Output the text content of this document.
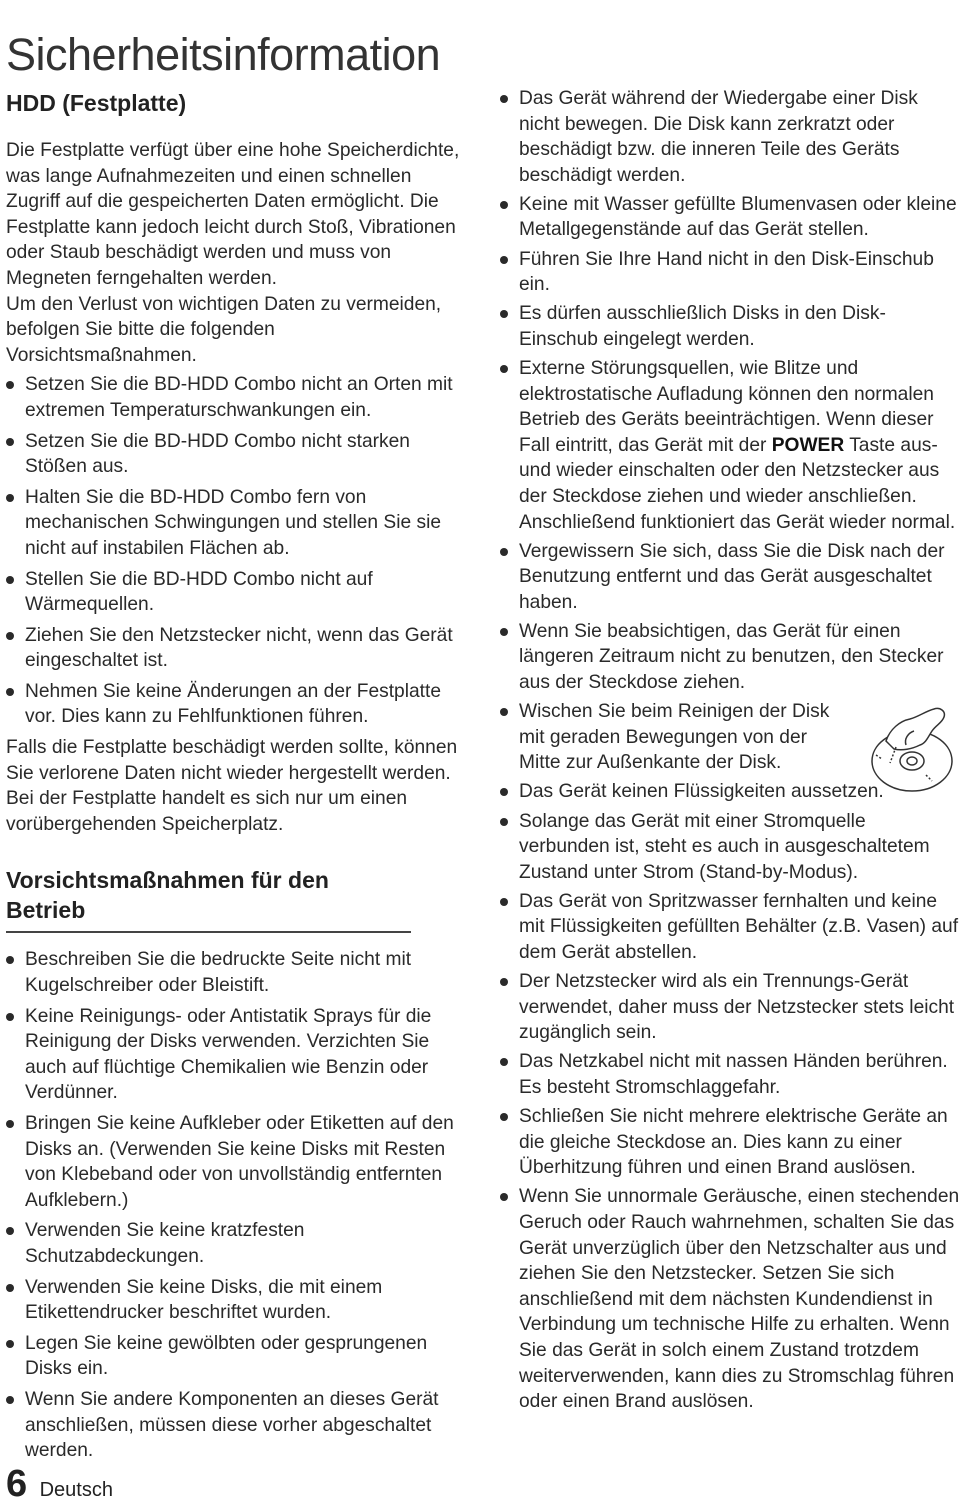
Sicherheitsinformation
HDD (Festplatte)

Die Festplatte verfügt über eine hohe Speicherdichte, was lange Aufnahmezeiten und einen schnellen Zugriff auf die gespeicherten Daten ermöglicht. Die Festplatte kann jedoch leicht durch Stoß, Vibrationen oder Staub beschädigt werden und muss von Megneten ferngehalten werden.

Um den Verlust von wichtigen Daten zu vermeiden, befolgen Sie bitte die folgenden Vorsichtsmaßnahmen.

Setzen Sie die BD-HDD Combo nicht an Orten mit extremen Temperaturschwankungen ein.
Setzen Sie die BD-HDD Combo nicht starken Stößen aus.
Halten Sie die BD-HDD Combo fern von mechanischen Schwingungen und stellen Sie sie nicht auf instabilen Flächen ab.
Stellen Sie die BD-HDD Combo nicht auf Wärmequellen.
Ziehen Sie den Netzstecker nicht, wenn das Gerät eingeschaltet ist.
Nehmen Sie keine Änderungen an der Festplatte vor. Dies kann zu Fehlfunktionen führen.

Falls die Festplatte beschädigt werden sollte, können Sie verlorene Daten nicht wieder hergestellt werden. Bei der Festplatte handelt es sich nur um einen vorübergehenden Speicherplatz.

Vorsichtsmaßnahmen für den Betrieb
Beschreiben Sie die bedruckte Seite nicht mit Kugelschreiber oder Bleistift.
Keine Reinigungs- oder Antistatik Sprays für die Reinigung der Disks verwenden. Verzichten Sie auch auf flüchtige Chemikalien wie Benzin oder Verdünner.
Bringen Sie keine Aufkleber oder Etiketten auf den Disks an. (Verwenden Sie keine Disks mit Resten von Klebeband oder von unvollständig entfernten Aufklebern.)
Verwenden Sie keine kratzfesten Schutzabdeckungen.
Verwenden Sie keine Disks, die mit einem Etikettendrucker beschriftet wurden.
Legen Sie keine gewölbten oder gesprungenen Disks ein.
Wenn Sie andere Komponenten an dieses Gerät anschließen, müssen diese vorher abgeschaltet werden.
Das Gerät während der Wiedergabe einer Disk nicht bewegen. Die Disk kann zerkratzt oder beschädigt bzw. die inneren Teile des Geräts beschädigt werden.
Keine mit Wasser gefüllte Blumenvasen oder kleine Metallgegenstände auf das Gerät stellen.
Führen Sie Ihre Hand nicht in den Disk-Einschub ein.
Es dürfen ausschließlich Disks in den Disk-Einschub eingelegt werden.
Externe Störungsquellen, wie Blitze und elektrostatische Aufladung können den normalen Betrieb des Geräts beeinträchtigen. Wenn dieser Fall eintritt, das Gerät mit der POWER Taste aus- und wieder einschalten oder den Netzstecker aus der Steckdose ziehen und wieder anschließen. Anschließend funktioniert das Gerät wieder normal.
Vergewissern Sie sich, dass Sie die Disk nach der Benutzung entfernt und das Gerät ausgeschaltet haben.
Wenn Sie beabsichtigen, das Gerät für einen längeren Zeitraum nicht zu benutzen, den Stecker aus der Steckdose ziehen.
Wischen Sie beim Reinigen der Disk mit geraden Bewegungen von der Mitte zur Außenkante der Disk.
Das Gerät keinen Flüssigkeiten aussetzen.
Solange das Gerät mit einer Stromquelle verbunden ist, steht es auch in ausgeschaltetem Zustand unter Strom (Stand-by-Modus).
Das Gerät von Spritzwasser fernhalten und keine mit Flüssigkeiten gefüllten Behälter (z.B. Vasen) auf dem Gerät abstellen.
Der Netzstecker wird als ein Trennungs-Gerät verwendet, daher muss der Netzstecker stets leicht zugänglich sein.
Das Netzkabel nicht mit nassen Händen berühren. Es besteht Stromschlaggefahr.
Schließen Sie nicht mehrere elektrische Geräte an die gleiche Steckdose an. Dies kann zu einer Überhitzung führen und einen Brand auslösen.
Wenn Sie unnormale Geräusche, einen stechenden Geruch oder Rauch wahrnehmen, schalten Sie das Gerät unverzüglich über den Netzschalter aus und ziehen Sie den Netzstecker. Setzen Sie sich anschließend mit dem nächsten Kundendienst in Verbindung um technische Hilfe zu erhalten. Wenn Sie das Gerät in solch einem Zustand trotzdem weiterverwenden, kann dies zu Stromschlag führen oder einen Brand auslösen.
6 Deutsch
